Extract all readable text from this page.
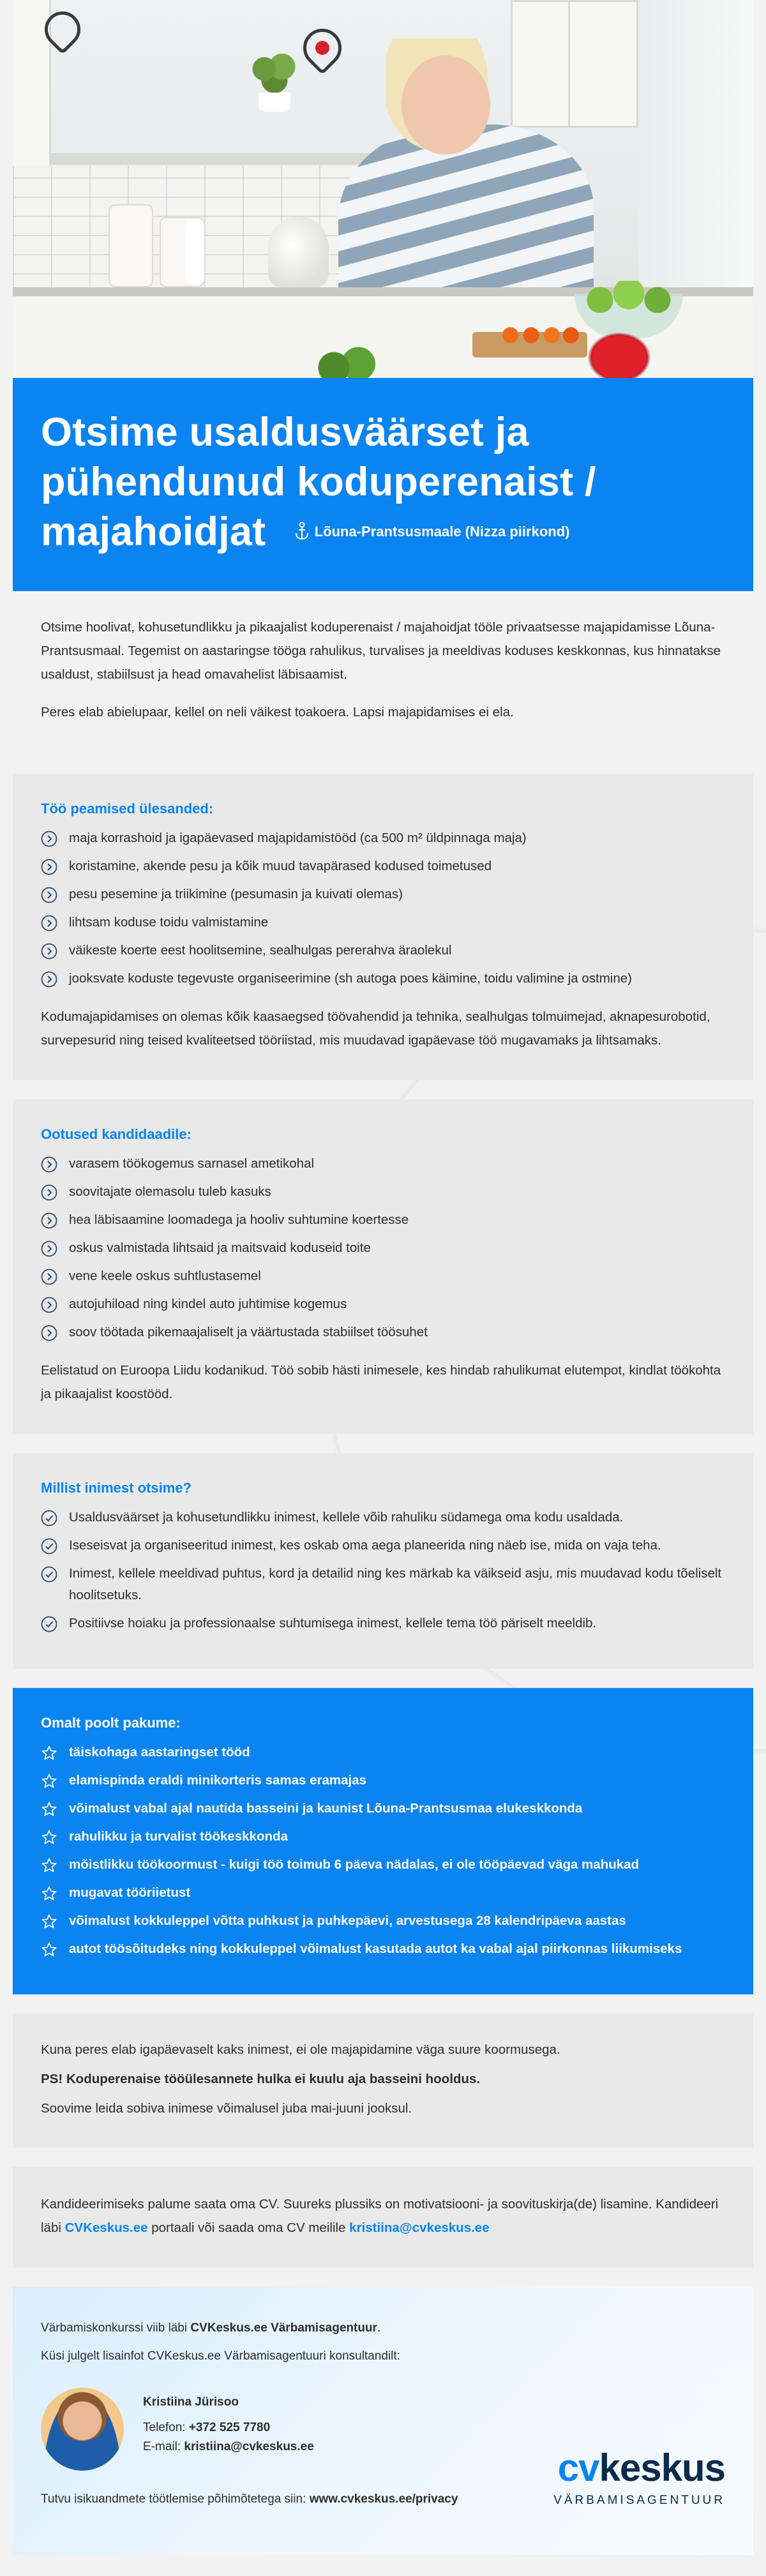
Otsime usaldusväärset ja pühendunud koduperenaist / majahoidjat	Lõuna-Prantsusmaale (Nizza piirkond)

Otsime hoolivat, kohusetundlikku ja pikaajalist koduperenaist / majahoidjat tööle privaatsesse majapidamisse Lõuna-Prantsusmaal. Tegemist on aastaringse tööga rahulikus, turvalises ja meeldivas koduses keskkonnas, kus hinnatakse usaldust, stabiilsust ja head omavahelist läbisaamist.

Peres elab abielupaar, kellel on neli väikest toakoera. Lapsi majapidamises ei ela.

Töö peamised ülesanded:
maja korrashoid ja igapäevased majapidamistööd (ca 500 m² üldpinnaga maja)
koristamine, akende pesu ja kõik muud tavapärased kodused toimetused
pesu pesemine ja triikimine (pesumasin ja kuivati olemas)
lihtsam koduse toidu valmistamine
väikeste koerte eest hoolitsemine, sealhulgas pererahva äraolekul
jooksvate koduste tegevuste organiseerimine (sh autoga poes käimine, toidu valimine ja ostmine)

Kodumajapidamises on olemas kõik kaasaegsed töövahendid ja tehnika, sealhulgas tolmuimejad, aknapesurobotid, survepesurid ning teised kvaliteetsed tööriistad, mis muudavad igapäevase töö mugavamaks ja lihtsamaks.

Ootused kandidaadile:
varasem töökogemus sarnasel ametikohal
soovitajate olemasolu tuleb kasuks
hea läbisaamine loomadega ja hooliv suhtumine koertesse
oskus valmistada lihtsaid ja maitsvaid koduseid toite
vene keele oskus suhtlustasemel
autojuhiload ning kindel auto juhtimise kogemus
soov töötada pikemaajaliselt ja väärtustada stabiilset töösuhet

Eelistatud on Euroopa Liidu kodanikud. Töö sobib hästi inimesele, kes hindab rahulikumat elutempot, kindlat töökohta ja pikaajalist koostööd.

Millist inimest otsime?
Usaldusväärset ja kohusetundlikku inimest, kellele võib rahuliku südamega oma kodu usaldada.
Iseseisvat ja organiseeritud inimest, kes oskab oma aega planeerida ning näeb ise, mida on vaja teha.
Inimest, kellele meeldivad puhtus, kord ja detailid ning kes märkab ka väikseid asju, mis muudavad kodu tõeliselt hoolitsetuks.
Positiivse hoiaku ja professionaalse suhtumisega inimest, kellele tema töö päriselt meeldib.
Omalt poolt pakume:
täiskohaga aastaringset tööd
elamispinda eraldi minikorteris samas eramajas
võimalust vabal ajal nautida basseini ja kaunist Lõuna-Prantsusmaa elukeskkonda
rahulikku ja turvalist töökeskkonda
mõistlikku töökoormust - kuigi töö toimub 6 päeva nädalas, ei ole tööpäevad väga mahukad
mugavat tööriietust
võimalust kokkuleppel võtta puhkust ja puhkepäevi, arvestusega 28 kalendripäeva aastas
autot töösõitudeks ning kokkuleppel võimalust kasutada autot ka vabal ajal piirkonnas liikumiseks

Kuna peres elab igapäevaselt kaks inimest, ei ole majapidamine väga suure koormusega.

PS! Koduperenaise tööülesannete hulka ei kuulu aja basseini hooldus.

Soovime leida sobiva inimese võimalusel juba mai-juuni jooksul.

Kandideerimiseks palume saata oma CV. Suureks plussiks on motivatsiooni- ja soovituskirja(de) lisamine. Kandideeri läbi CVKeskus.ee portaali või saada oma CV meilile kristiina@cvkeskus.ee

Värbamiskonkurssi viib läbi CVKeskus.ee Värbamisagentuur.
Küsi julgelt lisainfot CVKeskus.ee Värbamisagentuuri konsultandilt:
Kristiina Jürisoo
Telefon: +372 525 7780
E-mail: kristiina@cvkeskus.ee
Tutvu isikuandmete töötlemise põhimõtetega siin: www.cvkeskus.ee/privacy
cvkeskus
VÄRBAMISAGENTUUR
